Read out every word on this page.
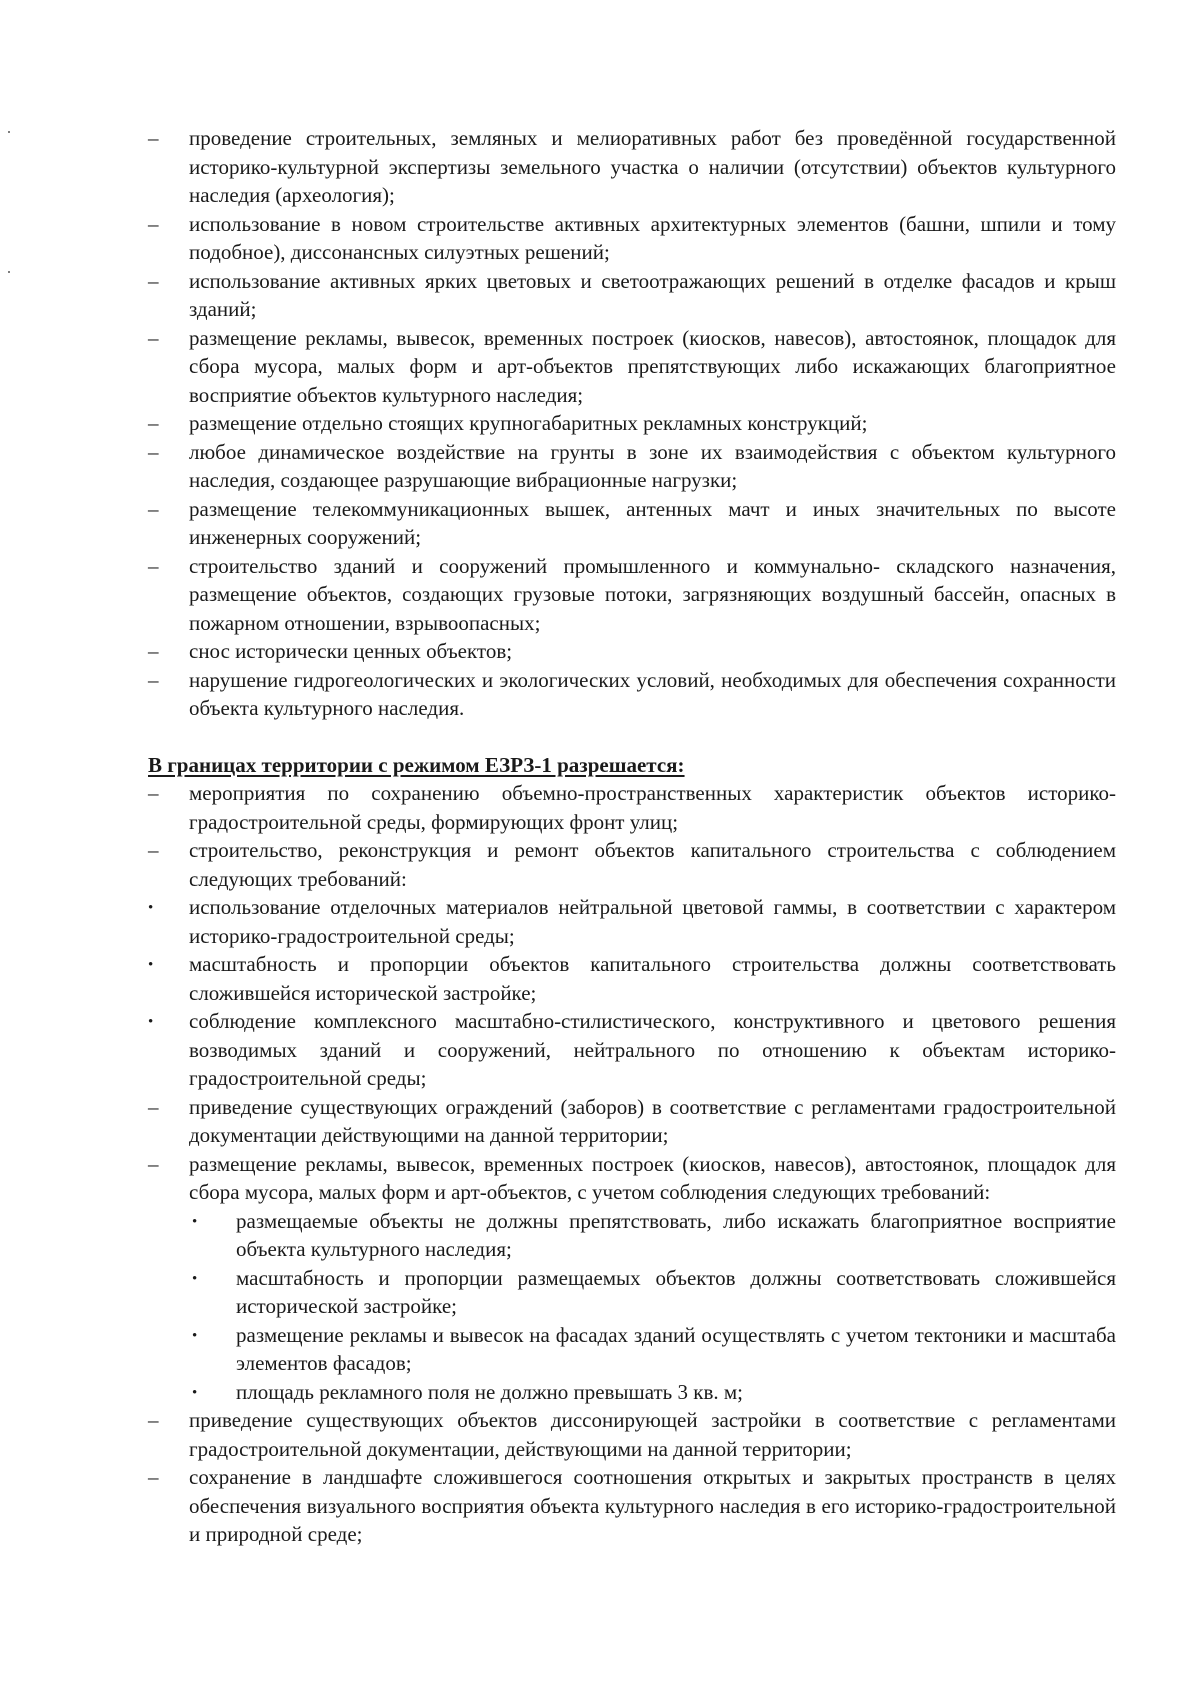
–	проведение строительных, земляных и мелиоративных работ без проведённой государственной историко-культурной экспертизы земельного участка о наличии (отсутствии) объектов культурного наследия (археология);
–	использование в новом строительстве активных архитектурных элементов (башни, шпили и тому подобное), диссонансных силуэтных решений;
–	использование активных ярких цветовых и светоотражающих решений в отделке фасадов и крыш зданий;
–	размещение рекламы, вывесок, временных построек (киосков, навесов), автостоянок, площадок для сбора мусора, малых форм и арт-объектов препятствующих либо искажающих благоприятное восприятие объектов культурного наследия;
–	размещение отдельно стоящих крупногабаритных рекламных конструкций;
–	любое динамическое воздействие на грунты в зоне их взаимодействия с объектом культурного наследия, создающее разрушающие вибрационные нагрузки;
–	размещение телекоммуникационных вышек, антенных мачт и иных значительных по высоте инженерных сооружений;
–	строительство зданий и сооружений промышленного и коммунально- складского назначения, размещение объектов, создающих грузовые потоки, загрязняющих воздушный бассейн, опасных в пожарном отношении, взрывоопасных;
–	снос исторически ценных объектов;
–	нарушение гидрогеологических и экологических условий, необходимых для обеспечения сохранности объекта культурного наследия.
В границах территории с режимом ЕЗРЗ-1 разрешается:
–	мероприятия по сохранению объемно-пространственных характеристик объектов историко-градостроительной среды, формирующих фронт улиц;
–	строительство, реконструкция и ремонт объектов капитального строительства с соблюдением следующих требований:
•	использование отделочных материалов нейтральной цветовой гаммы, в соответствии с характером историко-градостроительной среды;
•	масштабность и пропорции объектов капитального строительства должны соответствовать сложившейся исторической застройке;
•	соблюдение комплексного масштабно-стилистического, конструктивного и цветового решения возводимых зданий и сооружений, нейтрального по отношению к объектам историко-градостроительной среды;
–	приведение существующих ограждений (заборов) в соответствие с регламентами градостроительной документации действующими на данной территории;
–	размещение рекламы, вывесок, временных построек (киосков, навесов), автостоянок, площадок для сбора мусора, малых форм и арт-объектов, с учетом соблюдения следующих требований:
•	размещаемые объекты не должны препятствовать, либо искажать благоприятное восприятие объекта культурного наследия;
•	масштабность и пропорции размещаемых объектов должны соответствовать сложившейся исторической застройке;
•	размещение рекламы и вывесок на фасадах зданий осуществлять с учетом тектоники и масштаба элементов фасадов;
•	площадь рекламного поля не должно превышать 3 кв. м;
–	приведение существующих объектов диссонирующей застройки в соответствие с регламентами градостроительной документации, действующими на данной территории;
–	сохранение в ландшафте сложившегося соотношения открытых и закрытых пространств в целях обеспечения визуального восприятия объекта культурного наследия в его историко-градостроительной и природной среде;
